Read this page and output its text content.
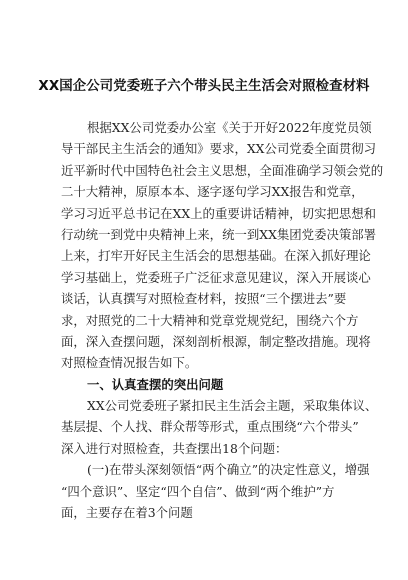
XX国企公司党委班子六个带头民主生活会对照检查材料
根据XX公司党委办公室《关于开好2022年度党员领
导干部民主生活会的通知》要求，XX公司党委全面贯彻习
近平新时代中国特色社会主义思想，全面准确学习领会党的
二十大精神，原原本本、逐字逐句学习XX报告和党章，
学习习近平总书记在XX上的重要讲话精神，切实把思想和
行动统一到党中央精神上来，统一到XX集团党委决策部署
上来，打牢开好民主生活会的思想基础。在深入抓好理论
学习基础上，党委班子广泛征求意见建议，深入开展谈心
谈话，认真撰写对照检查材料，按照“三个摆进去”要
求，对照党的二十大精神和党章党规党纪，围绕六个方
面，深入查摆问题，深刻剖析根源，制定整改措施。现将
对照检查情况报告如下。
一、认真查摆的突出问题
XX公司党委班子紧扣民主生活会主题，采取集体议、
基层提、个人找、群众帮等形式，重点围绕“六个带头”
深入进行对照检查，共查摆出18个问题：
(一)在带头深刻领悟“两个确立”的决定性意义，增强
“四个意识”、坚定“四个自信”、做到“两个维护”方
面，主要存在着3个问题
